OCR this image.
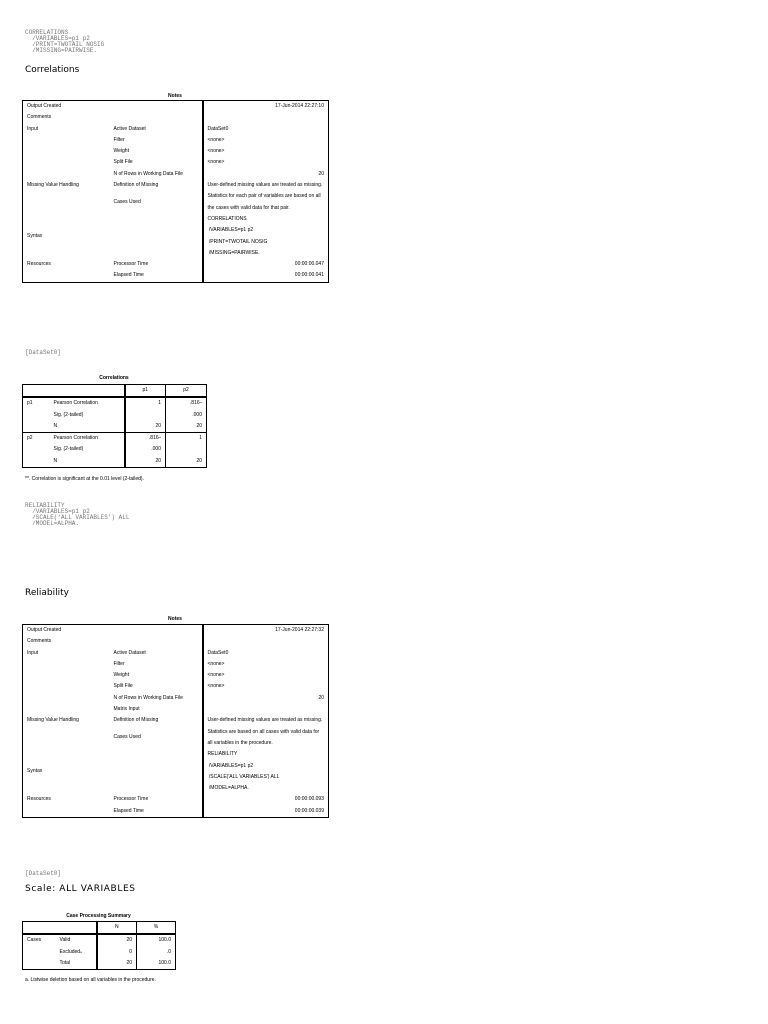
CORRELATIONS
/VARIABLES=p1 p2
/PRINT=TWOTAIL NOSIG
/MISSING=PAIRWISE.
Correlations
Notes
Output Created		17-Jun-2014 22:27:10
Comments		
Input	Active Dataset	DataSet0
	Filter	<none>
	Weight	<none>
	Split File	<none>
	N of Rows in Working Data File	20
Missing Value Handling	Definition of Missing	User-defined missing values are treated as missing.
	Cases Used	Statistics for each pair of variables are based on all the cases with valid data for that pair.
Syntax		CORRELATIONS
/VARIABLES=p1 p2
/PRINT=TWOTAIL NOSIG
/MISSING=PAIRWISE.
Resources	Processor Time	00:00:00.047
	Elapsed Time	00:00:00.041
[DataSet0]
Correlations
		p1	p2
p1	Pearson Correlation	1	.816**
	Sig. (2-tailed)		.000
	N	20	20
p2	Pearson Correlation	.816**	1
	Sig. (2-tailed)	.000	
	N	20	20
**. Correlation is significant at the 0.01 level (2-tailed).
RELIABILITY
/VARIABLES=p1 p2
/SCALE('ALL VARIABLES') ALL
/MODEL=ALPHA.
Reliability
Notes
Output Created		17-Jun-2014 22:27:32
Comments		
Input	Active Dataset	DataSet0
	Filter	<none>
	Weight	<none>
	Split File	<none>
	N of Rows in Working Data File	20
	Matrix Input	
Missing Value Handling	Definition of Missing	User-defined missing values are treated as missing.
	Cases Used	Statistics are based on all cases with valid data for all variables in the procedure.
Syntax		RELIABILITY
/VARIABLES=p1 p2
/SCALE('ALL VARIABLES') ALL
/MODEL=ALPHA.
Resources	Processor Time	00:00:00.093
	Elapsed Time	00:00:00.039
[DataSet0]
Scale: ALL VARIABLES
Case Processing Summary
		N	%
Cases	Valid	20	100.0
	Excluded$^a$	0	.0
	Total	20	100.0
a. Listwise deletion based on all variables in the procedure.
